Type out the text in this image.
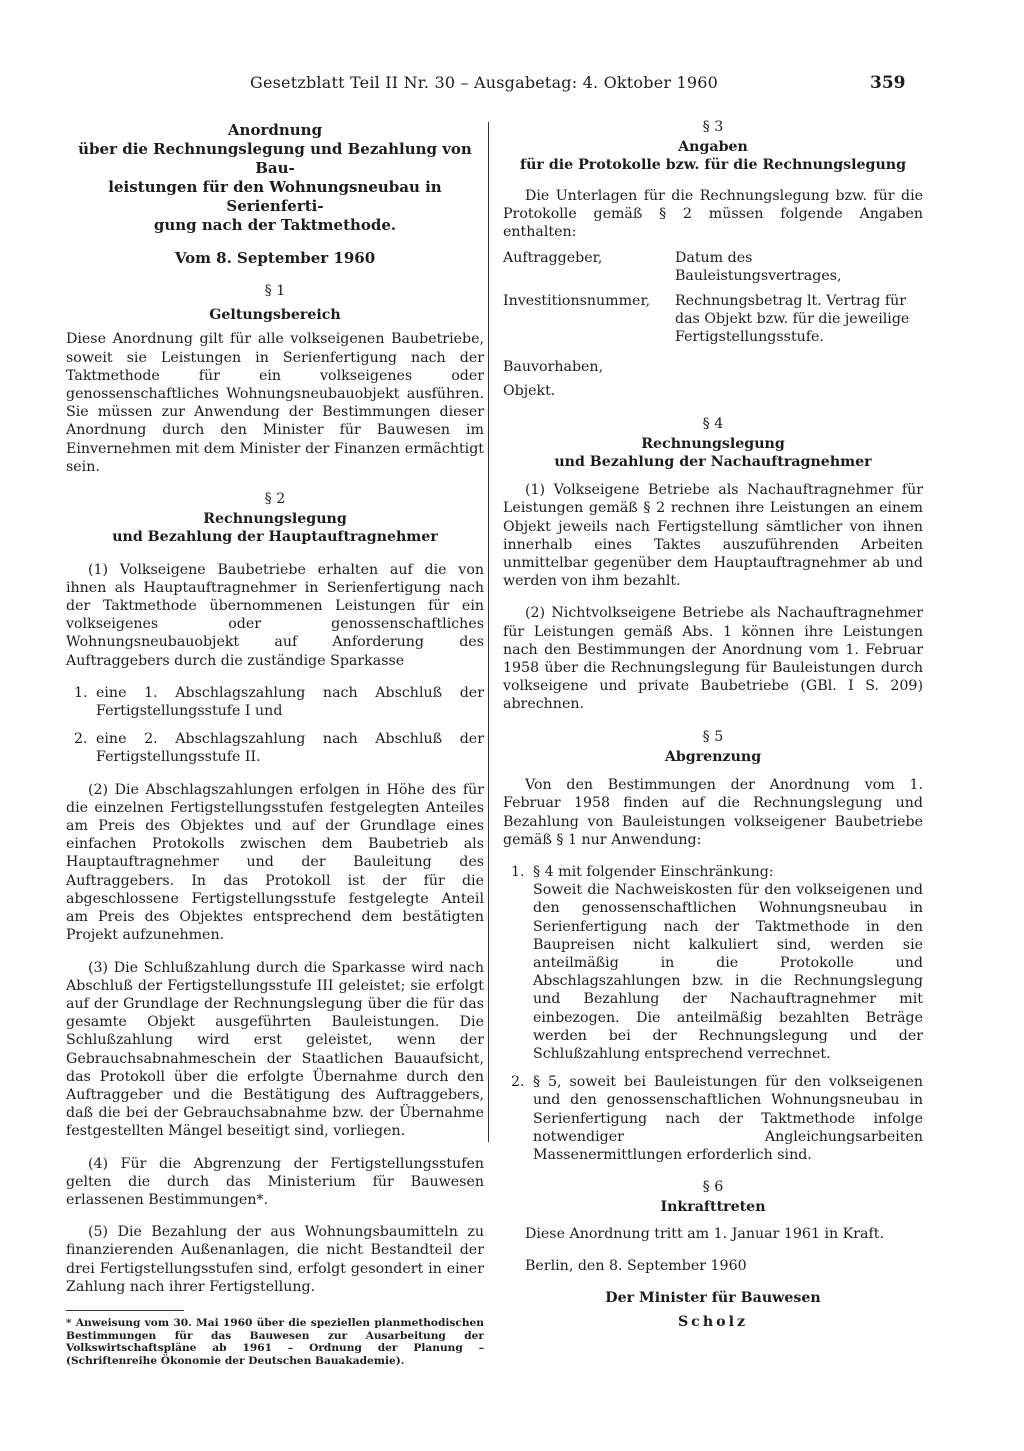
Gesetzblatt Teil II Nr. 30 – Ausgabetag: 4. Oktober 1960	359
Anordnung
über die Rechnungslegung und Bezahlung von Bau-
leistungen für den Wohnungsneubau in Serienferti-
gung nach der Taktmethode.
Vom 8. September 1960
§ 1
Geltungsbereich

Diese Anordnung gilt für alle volkseigenen Baubetriebe, soweit sie Leistungen in Serienfertigung nach der Taktmethode für ein volkseigenes oder genossenschaftliches Wohnungsneubauobjekt ausführen. Sie müssen zur Anwendung der Bestimmungen dieser Anordnung durch den Minister für Bauwesen im Einvernehmen mit dem Minister der Finanzen ermächtigt sein.

§ 2
Rechnungslegung
und Bezahlung der Hauptauftragnehmer

(1) Volkseigene Baubetriebe erhalten auf die von ihnen als Hauptauftragnehmer in Serienfertigung nach der Taktmethode übernommenen Leistungen für ein volkseigenes oder genossenschaftliches Wohnungsneubauobjekt auf Anforderung des Auftraggebers durch die zuständige Sparkasse

1. eine 1. Abschlagszahlung nach Abschluß der Fertigstellungsstufe I und
2. eine 2. Abschlagszahlung nach Abschluß der Fertigstellungsstufe II.

(2) Die Abschlagszahlungen erfolgen in Höhe des für die einzelnen Fertigstellungsstufen festgelegten Anteiles am Preis des Objektes und auf der Grundlage eines einfachen Protokolls zwischen dem Baubetrieb als Hauptauftragnehmer und der Bauleitung des Auftraggebers. In das Protokoll ist der für die abgeschlossene Fertigstellungsstufe festgelegte Anteil am Preis des Objektes entsprechend dem bestätigten Projekt aufzunehmen.

(3) Die Schlußzahlung durch die Sparkasse wird nach Abschluß der Fertigstellungsstufe III geleistet; sie erfolgt auf der Grundlage der Rechnungslegung über die für das gesamte Objekt ausgeführten Bauleistungen. Die Schlußzahlung wird erst geleistet, wenn der Gebrauchsabnahmeschein der Staatlichen Bauaufsicht, das Protokoll über die erfolgte Übernahme durch den Auftraggeber und die Bestätigung des Auftraggebers, daß die bei der Gebrauchsabnahme bzw. der Übernahme festgestellten Mängel beseitigt sind, vorliegen.

(4) Für die Abgrenzung der Fertigstellungsstufen gelten die durch das Ministerium für Bauwesen erlassenen Bestimmungen*.

(5) Die Bezahlung der aus Wohnungsbaumitteln zu finanzierenden Außenanlagen, die nicht Bestandteil der drei Fertigstellungsstufen sind, erfolgt gesondert in einer Zahlung nach ihrer Fertigstellung.

* Anweisung vom 30. Mai 1960 über die speziellen planmethodischen Bestimmungen für das Bauwesen zur Ausarbeitung der Volkswirtschaftspläne ab 1961 – Ordnung der Planung – (Schriftenreihe Ökonomie der Deutschen Bauakademie).
§ 3
Angaben
für die Protokolle bzw. für die Rechnungslegung

Die Unterlagen für die Rechnungslegung bzw. für die Protokolle gemäß § 2 müssen folgende Angaben enthalten:

Auftraggeber,	Datum des Bauleistungsvertrages,
Investitionsnummer,	Rechnungsbetrag lt. Vertrag für das Objekt bzw. für die jeweilige Fertigstellungsstufe.
Bauvorhaben,
Objekt.
§ 4
Rechnungslegung
und Bezahlung der Nachauftragnehmer

(1) Volkseigene Betriebe als Nachauftragnehmer für Leistungen gemäß § 2 rechnen ihre Leistungen an einem Objekt jeweils nach Fertigstellung sämtlicher von ihnen innerhalb eines Taktes auszuführenden Arbeiten unmittelbar gegenüber dem Hauptauftragnehmer ab und werden von ihm bezahlt.

(2) Nichtvolkseigene Betriebe als Nachauftragnehmer für Leistungen gemäß Abs. 1 können ihre Leistungen nach den Bestimmungen der Anordnung vom 1. Februar 1958 über die Rechnungslegung für Bauleistungen durch volkseigene und private Baubetriebe (GBl. I S. 209) abrechnen.

§ 5
Abgrenzung

Von den Bestimmungen der Anordnung vom 1. Februar 1958 finden auf die Rechnungslegung und Bezahlung von Bauleistungen volkseigener Baubetriebe gemäß § 1 nur Anwendung:

1. § 4 mit folgender Einschränkung:
Soweit die Nachweiskosten für den volkseigenen und den genossenschaftlichen Wohnungsneubau in Serienfertigung nach der Taktmethode in den Baupreisen nicht kalkuliert sind, werden sie anteilmäßig in die Protokolle und Abschlagszahlungen bzw. in die Rechnungslegung und Bezahlung der Nachauftragnehmer mit einbezogen. Die anteilmäßig bezahlten Beträge werden bei der Rechnungslegung und der Schlußzahlung entsprechend verrechnet.
2. § 5, soweit bei Bauleistungen für den volkseigenen und den genossenschaftlichen Wohnungsneubau in Serienfertigung nach der Taktmethode infolge notwendiger Angleichungsarbeiten Massenermittlungen erforderlich sind.
§ 6
Inkrafttreten

Diese Anordnung tritt am 1. Januar 1961 in Kraft.

Berlin, den 8. September 1960

Der Minister für Bauwesen
Scholz
